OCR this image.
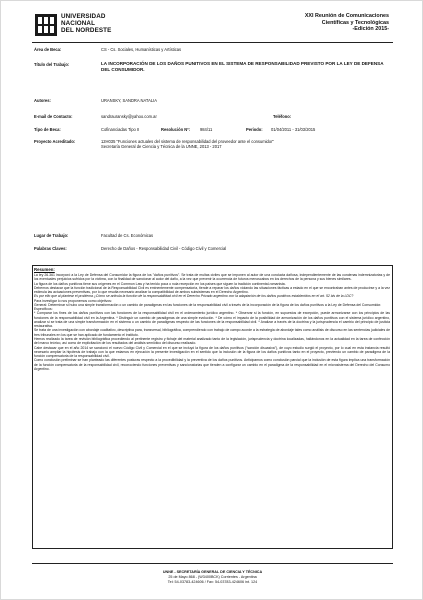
UNIVERSIDAD
NACIONAL
DEL NORDESTE
XXI Reunión de Comunicaciones
Científicas y Tecnológicas
-Edición 2015-
Área de Beca:	CS - Cs. Sociales, Humanísticas y Artísticas
Título del Trabajo:	LA INCORPORACIÓN DE LOS DAÑOS PUNITIVOS EN EL SISTEMA DE RESPONSABILIDAD PREVISTO POR LA LEY DE DEFENSA DEL CONSUMIDOR.
Autores:	URANSKY, SANDRA NATALIA
E-mail de Contacto:	sandrauransky@yahoo.com.ar	Teléfono:
Tipo de Beca:	Cofinanciadas Tipo II	Resolución Nº: 984/11	Periodo: 01/04/2011 - 31/03/2015
Proyecto Acreditado:	12H035 "Funciones actuales del sistema de responsabilidad del proveedor ante el consumidor"
Secretaría General de Ciencia y Técnica de la UNNE, 2013 - 2017
Lugar de Trabajo:	Facultad de Cs. Económicas
Palabras Claves:	Derecho de Daños - Responsabilidad Civil - Código Civil y Comercial
Resumen:

La ley 26.361 incorporó a la Ley de Defensa del Consumidor la figura de los "daños punitivos". Se trata de multas civiles que se imponen al autor de una conducta dañosa, independientemente de las condenas indemnizatorias y de los eventuales perjuicios sufridos por la víctima, con la finalidad de sancionar al autor del daño, a la vez que prevenir la ocurrencia de futuros menoscabos en los derechos de la persona y sus bienes similares.

La figura de los daños punitivos tiene sus orígenes en el Common Law y ha tenido poca o nula recepción en los países que siguen la tradición continental-romanista.

Debemos destacar que la función tradicional de la Responsabilidad Civil es eminentemente compensatoria, tiende a reparar los daños violando las situaciones fácticas a estado en el que se encontraban antes de producirse y a la vez estimula las actuaciones preventivas, por lo que resulta necesario analizar la compatibilidad de ambos subsistemas en el Derecho Argentino.

Es por ello que al plantear el problema ¿Cómo se articula la función de la responsabilidad civil en el Derecho Privado argentino con la adaptación de los daños punitivos establecidos en el art. 52 bis de la LDC?

Para investigar lo nos proponemos como objetivos:

General: Determinar si hubo una simple transformación o un cambio de paradigmas en las funciones de la responsabilidad civil a través de la incorporación de la figura de los daños punitivos a la Ley de Defensa del Consumidor.

Específicos:

* Comparar los fines de los daños punitivos con las funciones de la responsabilidad civil en el ordenamiento jurídico argentino. * Observar si la función, en supuestos de excepción, puede armonizarse con los principios de las funciones de la responsabilidad civil en la Argentina. * Distinguir un cambio de paradigmas de una simple evolución. * De cómo el impacto de la posibilidad de armonización de los daños punitivos con el sistema jurídico argentino, analizar si se trata de una simple transformación en el sistema o un cambio de paradigmas respecto de las funciones de la responsabilidad civil. * Analizar a través de la doctrina y la jurisprudencia el cambio del principio de justicia restaurativa.

Se trata de una investigación con abordaje cualitativo, descriptiva para, transversal, bibliográfica, comprendiendo con trabajo de campo acorde a la estrategia de abordaje tales como análisis de discurso en las sentencias judiciales de tres tribunales en los que se han aplicado de fundamento el instituto.

Hemos realizado la tarea de revisión bibliográfica procediendo al pertinente registro y fichaje del material analizado tanto de la legislación, jurisprudencia y doctrina localizadas, hallándonos en la actualidad en la tarea de confección del marco teórico, así como de explicitación de los resultados del análisis semiótico del discurso realizado.

Cabe destacar que en el año 2014 se sancionó el nuevo Código Civil y Comercial en el que se incluyó la figura de los daños punitivos ("sanción disuasiva"), de cuyo estudio surgió el proyecto, por lo cual en esta instancia resultó necesario ampliar la hipótesis de trabajo con la que estamos en ejecución la presente investigación en el sentido que la inclusión de la figura de los daños punitivos tanto en el proyecto, previendo un cambio de paradigma de la función compensatoria de la responsabilidad civil.

Como conclusión preliminar se han planteado las diferentes posturas respecto a la procedibilidad y la preventiva de los daños punitivos. Anticipamos como conclusión parcial que la inclusión de esta figura implica una transformación de la función compensatoria de la responsabilidad civil, reconociendo funciones preventivas y sancionatorias que tienden a configurar un cambio en el paradigma de la responsabilidad en el microsistema del Derecho del Consumo Argentino.

UNNE - SECRETARÍA GENERAL DE CIENCIA Y TÉCNICA
25 de Mayo 868 - (W3400BCK) Corrientes - Argentina
Tel: 54-03783-424606 / Fax: 54-03783-424606 int. 124
